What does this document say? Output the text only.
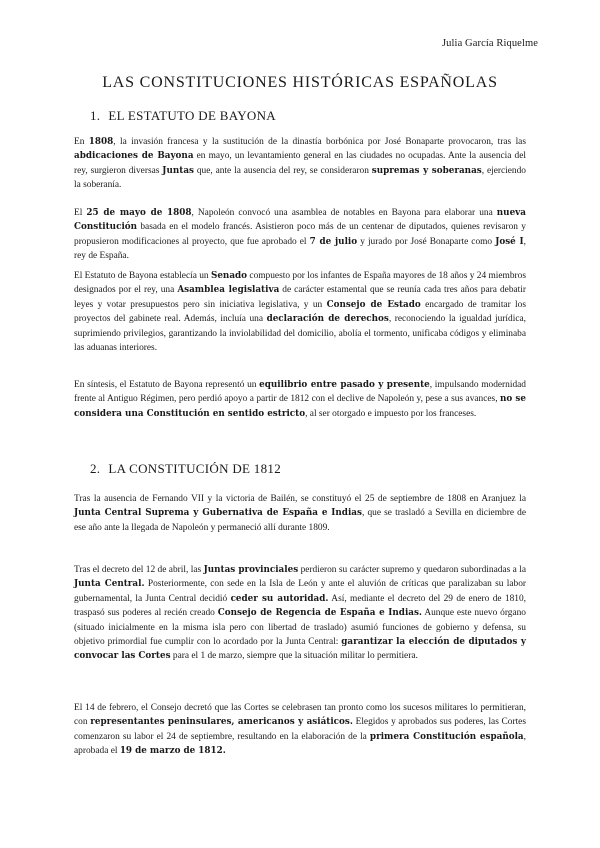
Julia García Riquelme
LAS CONSTITUCIONES HISTÓRICAS ESPAÑOLAS
1. EL ESTATUTO DE BAYONA
En 1808, la invasión francesa y la sustitución de la dinastía borbónica por José Bonaparte provocaron, tras las abdicaciones de Bayona en mayo, un levantamiento general en las ciudades no ocupadas. Ante la ausencia del rey, surgieron diversas Juntas que, ante la ausencia del rey, se consideraron supremas y soberanas, ejerciendo la soberanía.
El 25 de mayo de 1808, Napoleón convocó una asamblea de notables en Bayona para elaborar una nueva Constitución basada en el modelo francés. Asistieron poco más de un centenar de diputados, quienes revisaron y propusieron modificaciones al proyecto, que fue aprobado el 7 de julio y jurado por José Bonaparte como José I, rey de España.
El Estatuto de Bayona establecía un Senado compuesto por los infantes de España mayores de 18 años y 24 miembros designados por el rey, una Asamblea legislativa de carácter estamental que se reunía cada tres años para debatir leyes y votar presupuestos pero sin iniciativa legislativa, y un Consejo de Estado encargado de tramitar los proyectos del gabinete real. Además, incluía una declaración de derechos, reconociendo la igualdad jurídica, suprimiendo privilegios, garantizando la inviolabilidad del domicilio, abolía el tormento, unificaba códigos y eliminaba las aduanas interiores.
En síntesis, el Estatuto de Bayona representó un equilibrio entre pasado y presente, impulsando modernidad frente al Antiguo Régimen, pero perdió apoyo a partir de 1812 con el declive de Napoleón y, pese a sus avances, no se considera una Constitución en sentido estricto, al ser otorgado e impuesto por los franceses.
2. LA CONSTITUCIÓN DE 1812
Tras la ausencia de Fernando VII y la victoria de Bailén, se constituyó el 25 de septiembre de 1808 en Aranjuez la Junta Central Suprema y Gubernativa de España e Indias, que se trasladó a Sevilla en diciembre de ese año ante la llegada de Napoleón y permaneció allí durante 1809.
Tras el decreto del 12 de abril, las Juntas provinciales perdieron su carácter supremo y quedaron subordinadas a la Junta Central. Posteriormente, con sede en la Isla de León y ante el aluvión de críticas que paralizaban su labor gubernamental, la Junta Central decidió ceder su autoridad. Así, mediante el decreto del 29 de enero de 1810, traspasó sus poderes al recién creado Consejo de Regencia de España e Indias. Aunque este nuevo órgano (situado inicialmente en la misma isla pero con libertad de traslado) asumió funciones de gobierno y defensa, su objetivo primordial fue cumplir con lo acordado por la Junta Central: garantizar la elección de diputados y convocar las Cortes para el 1 de marzo, siempre que la situación militar lo permitiera.
El 14 de febrero, el Consejo decretó que las Cortes se celebrasen tan pronto como los sucesos militares lo permitieran, con representantes peninsulares, americanos y asiáticos. Elegidos y aprobados sus poderes, las Cortes comenzaron su labor el 24 de septiembre, resultando en la elaboración de la primera Constitución española, aprobada el 19 de marzo de 1812.
